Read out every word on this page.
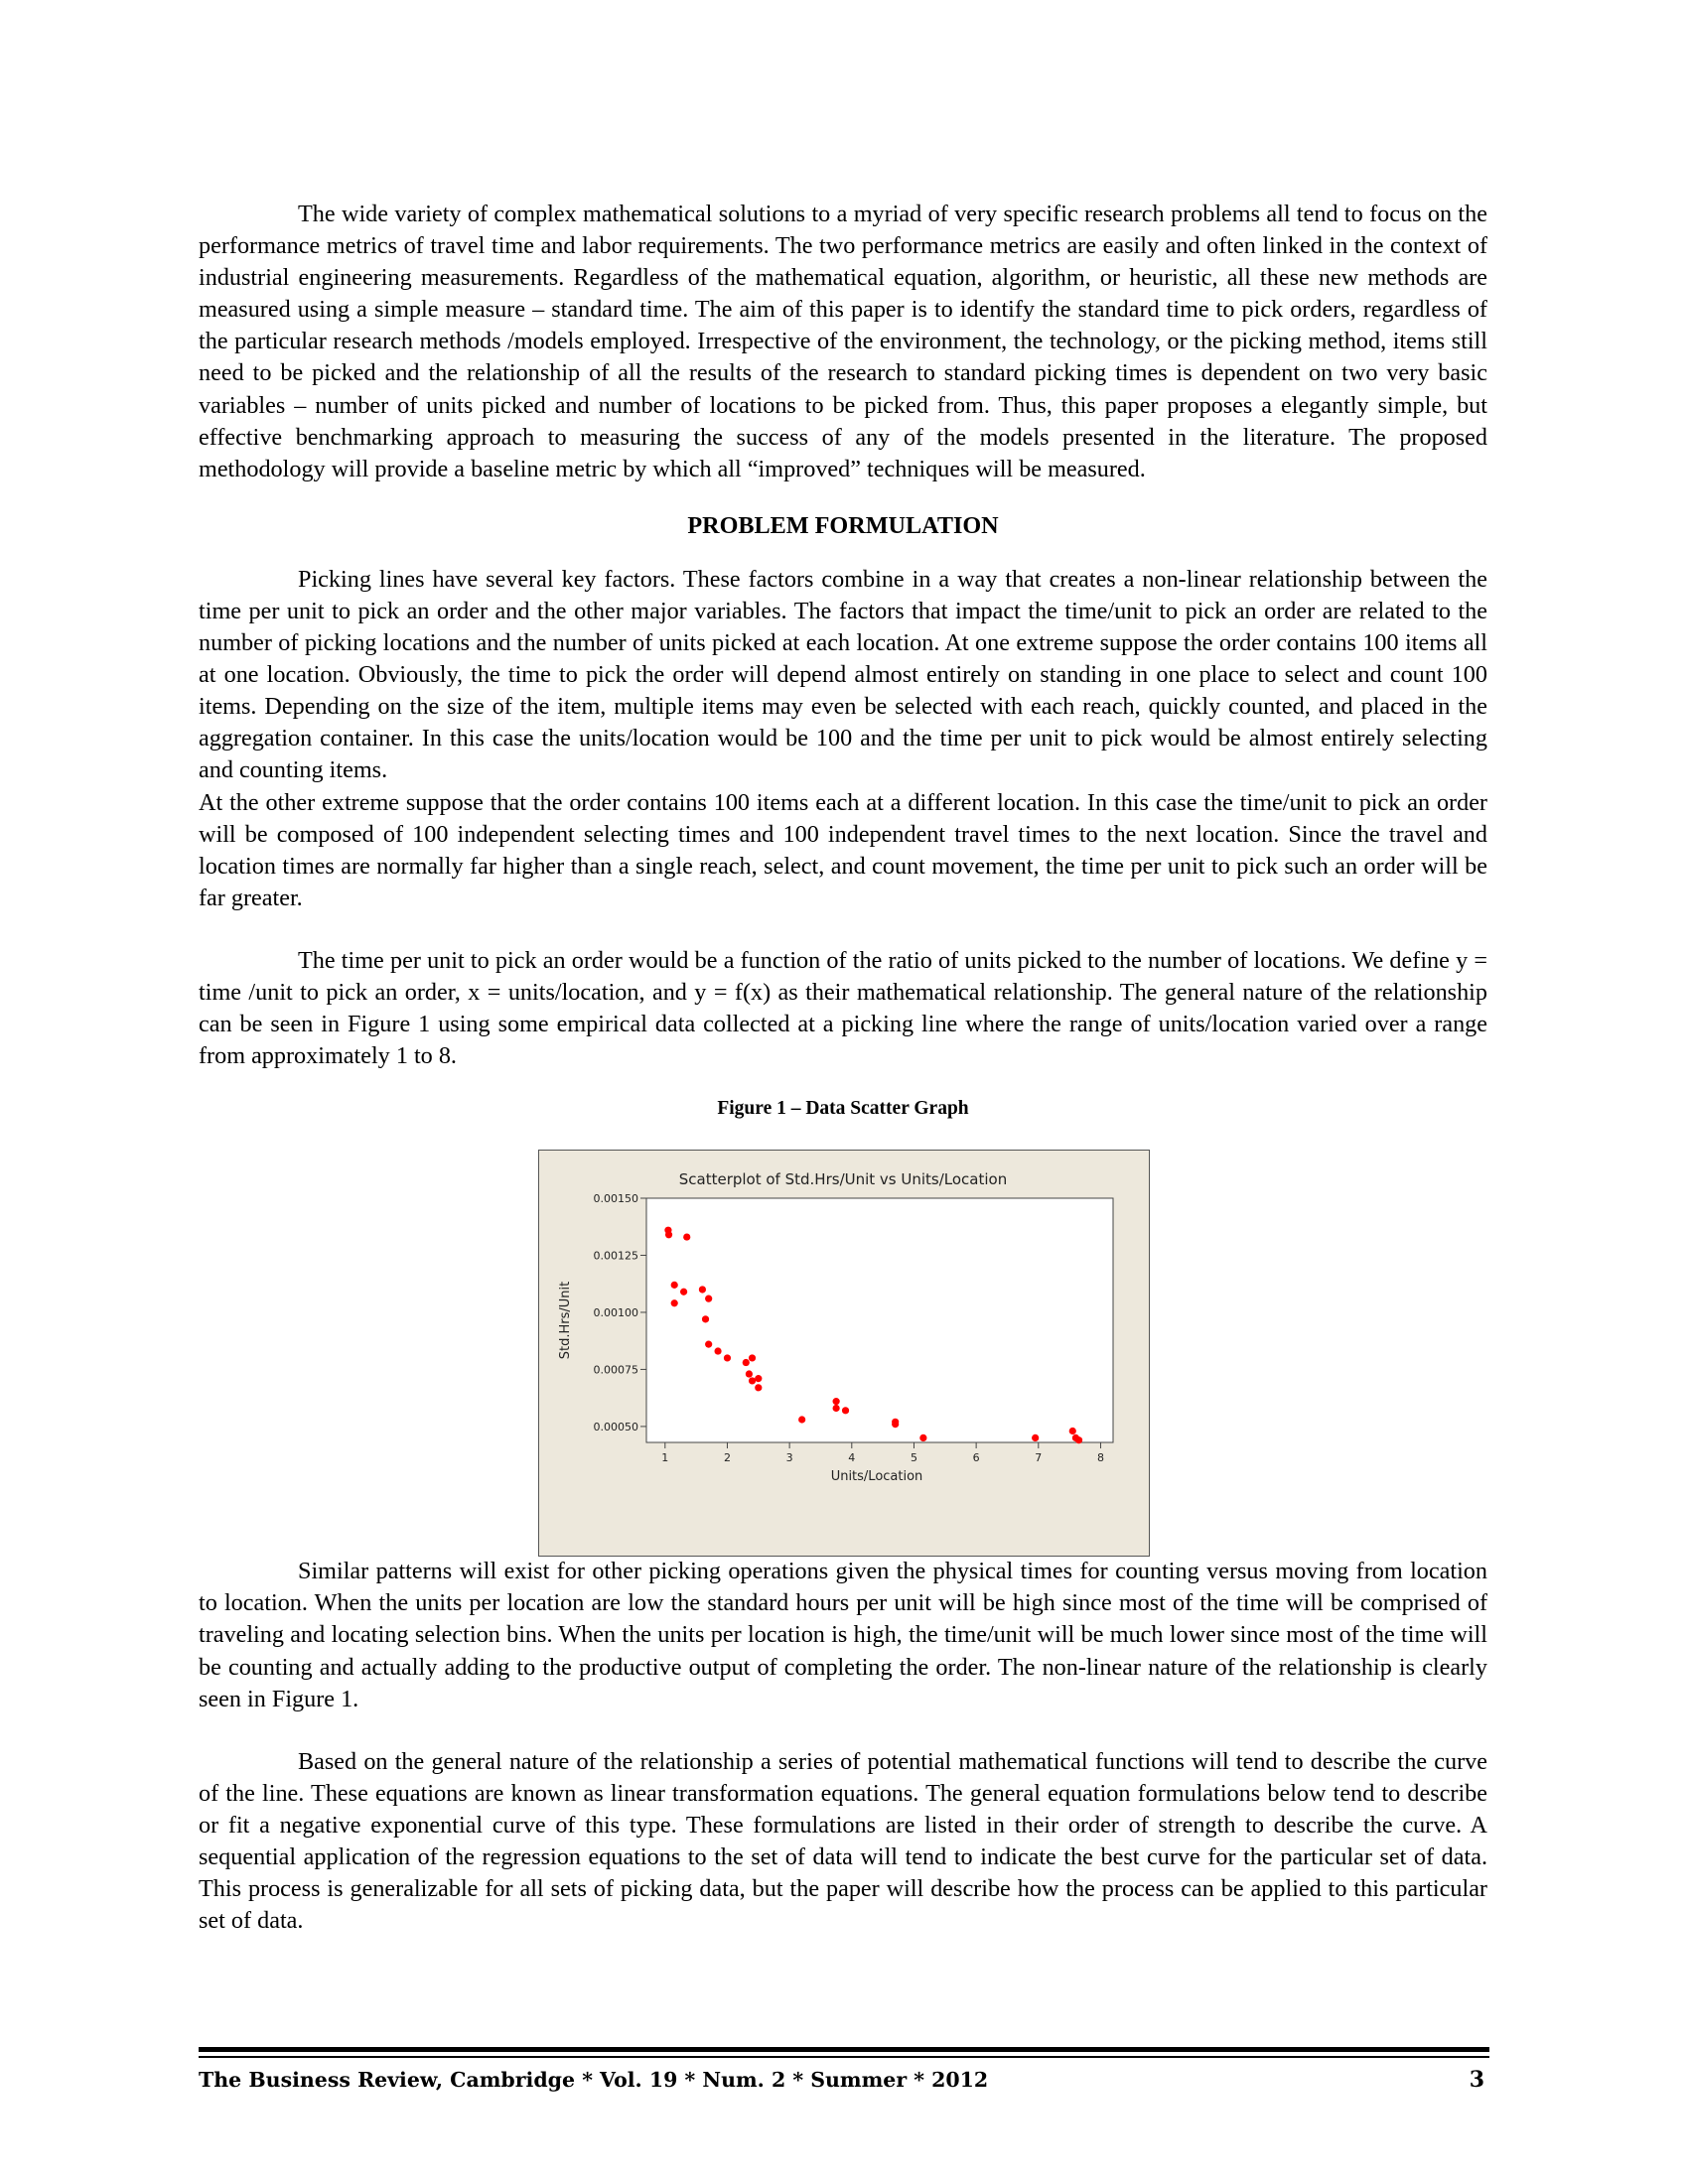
The wide variety of complex mathematical solutions to a myriad of very specific research problems all tend to focus on the performance metrics of travel time and labor requirements. The two performance metrics are easily and often linked in the context of industrial engineering measurements. Regardless of the mathematical equation, algorithm, or heuristic, all these new methods are measured using a simple measure – standard time. The aim of this paper is to identify the standard time to pick orders, regardless of the particular research methods /models employed. Irrespective of the environment, the technology, or the picking method, items still need to be picked and the relationship of all the results of the research to standard picking times is dependent on two very basic variables – number of units picked and number of locations to be picked from. Thus, this paper proposes a elegantly simple, but effective benchmarking approach to measuring the success of any of the models presented in the literature. The proposed methodology will provide a baseline metric by which all “improved” techniques will be measured.

PROBLEM FORMULATION

Picking lines have several key factors. These factors combine in a way that creates a non-linear relationship between the time per unit to pick an order and the other major variables. The factors that impact the time/unit to pick an order are related to the number of picking locations and the number of units picked at each location. At one extreme suppose the order contains 100 items all at one location. Obviously, the time to pick the order will depend almost entirely on standing in one place to select and count 100 items. Depending on the size of the item, multiple items may even be selected with each reach, quickly counted, and placed in the aggregation container. In this case the units/location would be 100 and the time per unit to pick would be almost entirely selecting and counting items.

At the other extreme suppose that the order contains 100 items each at a different location. In this case the time/unit to pick an order will be composed of 100 independent selecting times and 100 independent travel times to the next location. Since the travel and location times are normally far higher than a single reach, select, and count movement, the time per unit to pick such an order will be far greater.

The time per unit to pick an order would be a function of the ratio of units picked to the number of locations. We define y = time /unit to pick an order, x = units/location, and y = f(x) as their mathematical relationship. The general nature of the relationship can be seen in Figure 1 using some empirical data collected at a picking line where the range of units/location varied over a range from approximately 1 to 8.

Figure 1 – Data Scatter Graph

Similar patterns will exist for other picking operations given the physical times for counting versus moving from location to location. When the units per location are low the standard hours per unit will be high since most of the time will be comprised of traveling and locating selection bins. When the units per location is high, the time/unit will be much lower since most of the time will be counting and actually adding to the productive output of completing the order. The non-linear nature of the relationship is clearly seen in Figure 1.

Based on the general nature of the relationship a series of potential mathematical functions will tend to describe the curve of the line. These equations are known as linear transformation equations. The general equation formulations below tend to describe or fit a negative exponential curve of this type. These formulations are listed in their order of strength to describe the curve. A sequential application of the regression equations to the set of data will tend to indicate the best curve for the particular set of data. This process is generalizable for all sets of picking data, but the paper will describe how the process can be applied to this particular set of data.

Scatterplot of Std.Hrs/Unit vs Units/Location
0.00050
0.00075
0.00100
0.00125
0.00150
1	2	3	4	5	6	7	8
Units/Location
Std.Hrs/Unit
The Business Review, Cambridge * Vol. 19 * Num. 2 * Summer * 2012	3
